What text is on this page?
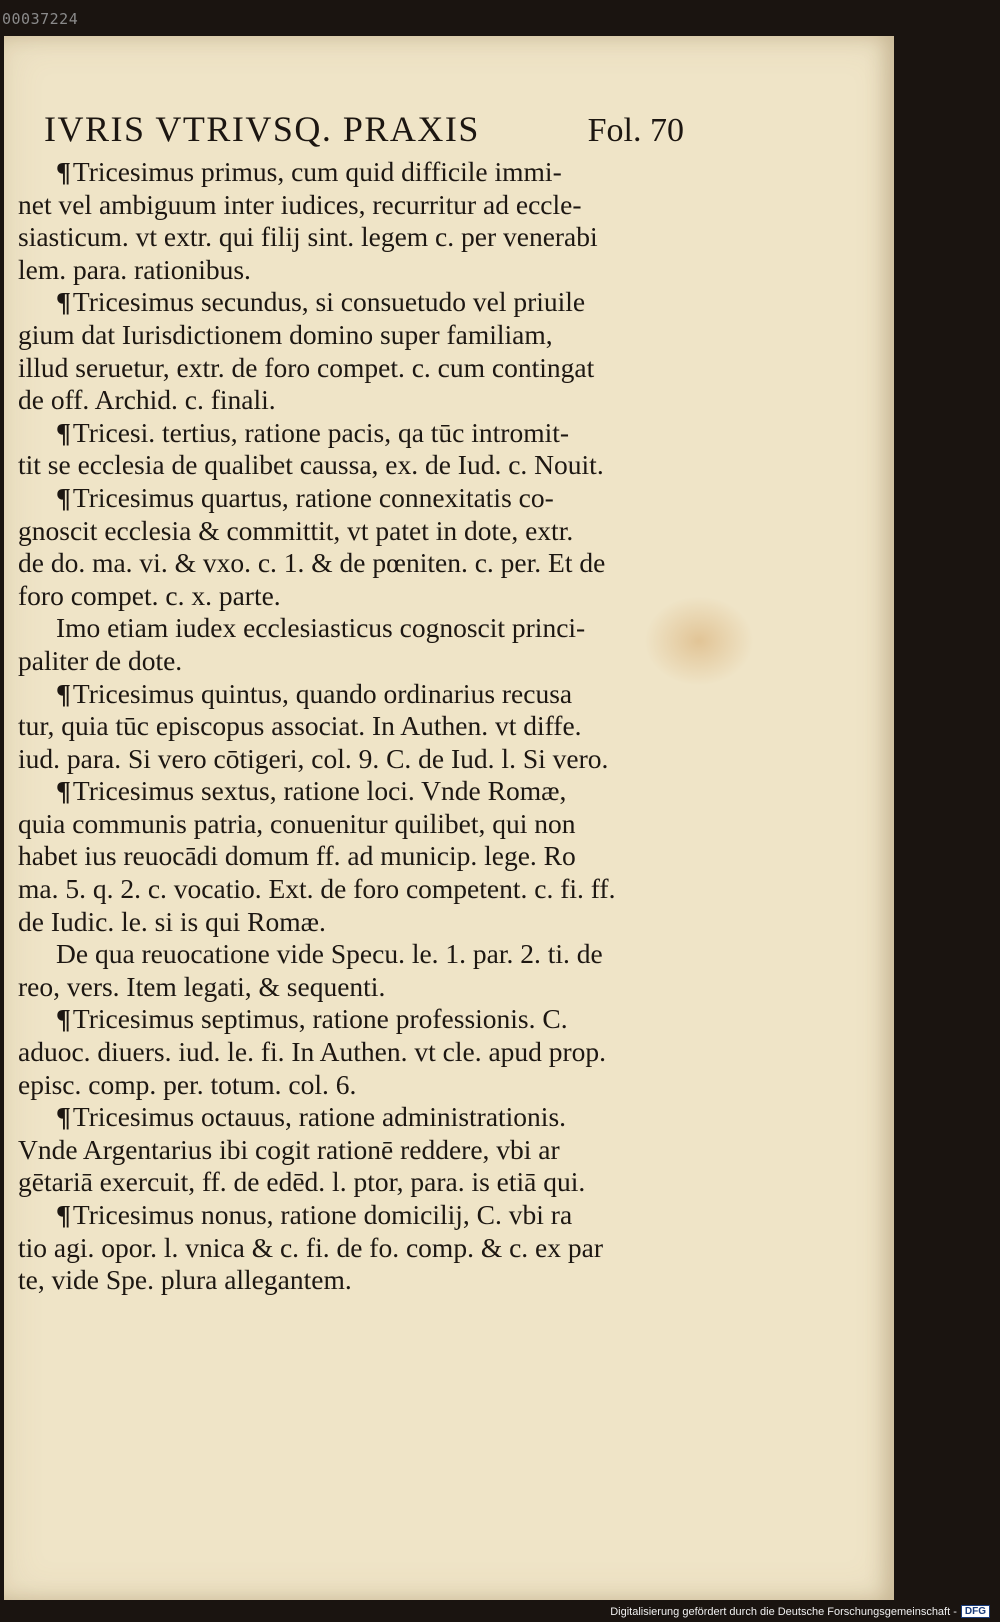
00037224
IVRIS VTRIVSQ. PRAXIS	Fol. 70
¶Tricesimus primus, cum quid difficile immi-
net vel ambiguum inter iudices, recurritur ad eccle-
siasticum. vt extr. qui filij sint. legem c. per venerabi
lem. para. rationibus.
¶Tricesimus secundus, si consuetudo vel priuile
gium dat Iurisdictionem domino super familiam,
illud seruetur, extr. de foro compet. c. cum contingat
de off. Archid. c. finali.
¶Tricesi. tertius, ratione pacis, qa tūc intromit-
tit se ecclesia de qualibet caussa, ex. de Iud. c. Nouit.
¶Tricesimus quartus, ratione connexitatis co-
gnoscit ecclesia & committit, vt patet in dote, extr.
de do. ma. vi. & vxo. c. 1. & de pœniten. c. per. Et de
foro compet. c. x. parte.
Imo etiam iudex ecclesiasticus cognoscit princi-
paliter de dote.
¶Tricesimus quintus, quando ordinarius recusa
tur, quia tūc episcopus associat. In Authen. vt diffe.
iud. para. Si vero cōtigeri, col. 9. C. de Iud. l. Si vero.
¶Tricesimus sextus, ratione loci. Vnde Romæ,
quia communis patria, conuenitur quilibet, qui non
habet ius reuocādi domum ff. ad municip. lege. Ro
ma. 5. q. 2. c. vocatio. Ext. de foro competent. c. fi. ff.
de Iudic. le. si is qui Romæ.
De qua reuocatione vide Specu. le. 1. par. 2. ti. de
reo, vers. Item legati, & sequenti.
¶Tricesimus septimus, ratione professionis. C.
aduoc. diuers. iud. le. fi. In Authen. vt cle. apud prop.
episc. comp. per. totum. col. 6.
¶Tricesimus octauus, ratione administrationis.
Vnde Argentarius ibi cogit rationē reddere, vbi ar
gētariā exercuit, ff. de edēd. l. ptor, para. is etiā qui.
¶Tricesimus nonus, ratione domicilij, C. vbi ra
tio agi. opor. l. vnica & c. fi. de fo. comp. & c. ex par
te, vide Spe. plura allegantem.
Digitalisierung gefördert durch die Deutsche Forschungsgemeinschaft - DFG
